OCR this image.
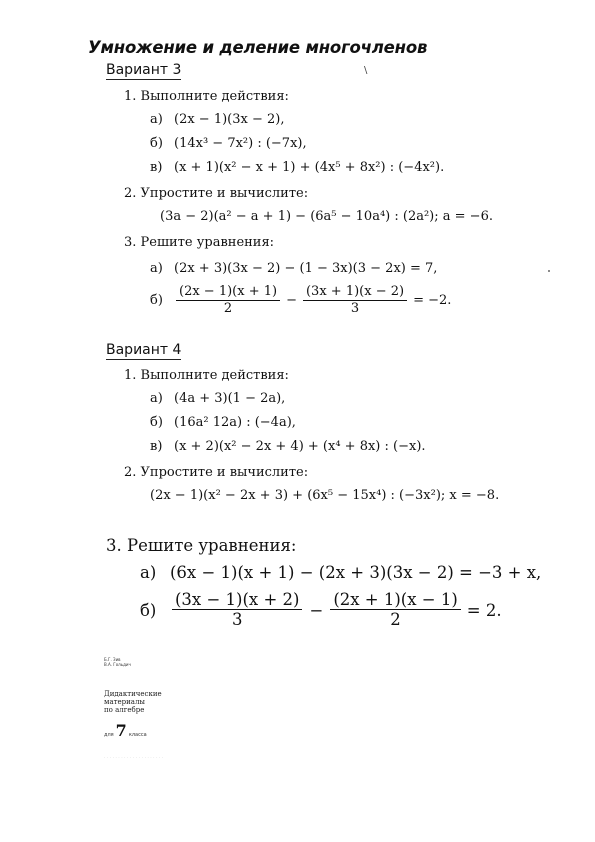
Умножение и деление многочленов
\
Вариант 3
1. Выполните действия:
а) (2x − 1)(3x − 2),
б) (14x³ − 7x²) : (−7x),
в) (x + 1)(x² − x + 1) + (4x⁵ + 8x²) : (−4x²).
2. Упростите и вычислите:
(3a − 2)(a² − a + 1) − (6a⁵ − 10a⁴) : (2a²); a = −6.
3. Решите уравнения:
а) (2x + 3)(3x − 2) − (1 − 3x)(3 − 2x) = 7,
б)	$\frac{(2x - 1)(x + 1)}{2} - \frac{(3x + 1)(x - 2)}{3} = -2$.
Вариант 4
1. Выполните действия:
а) (4a + 3)(1 − 2a),
б) (16a² 12a) : (−4a),
в) (x + 2)(x² − 2x + 4) + (x⁴ + 8x) : (−x).
2. Упростите и вычислите:
(2x − 1)(x² − 2x + 3) + (6x⁵ − 15x⁴) : (−3x²); x = −8.
3. Решите уравнения:
а) (6x − 1)(x + 1) − (2x + 3)(3x − 2) = −3 + x,
$б) \frac{(3x - 1)(x + 2)}{3} - \frac{(2x + 1)(x - 1)}{2} = 2$.
Б.Г. Зив
В.А. Гольдич
Дидактические
материалы
по алгебре
для 7 класса
· · · · · · · · · · · · · · · · · · · · ·
